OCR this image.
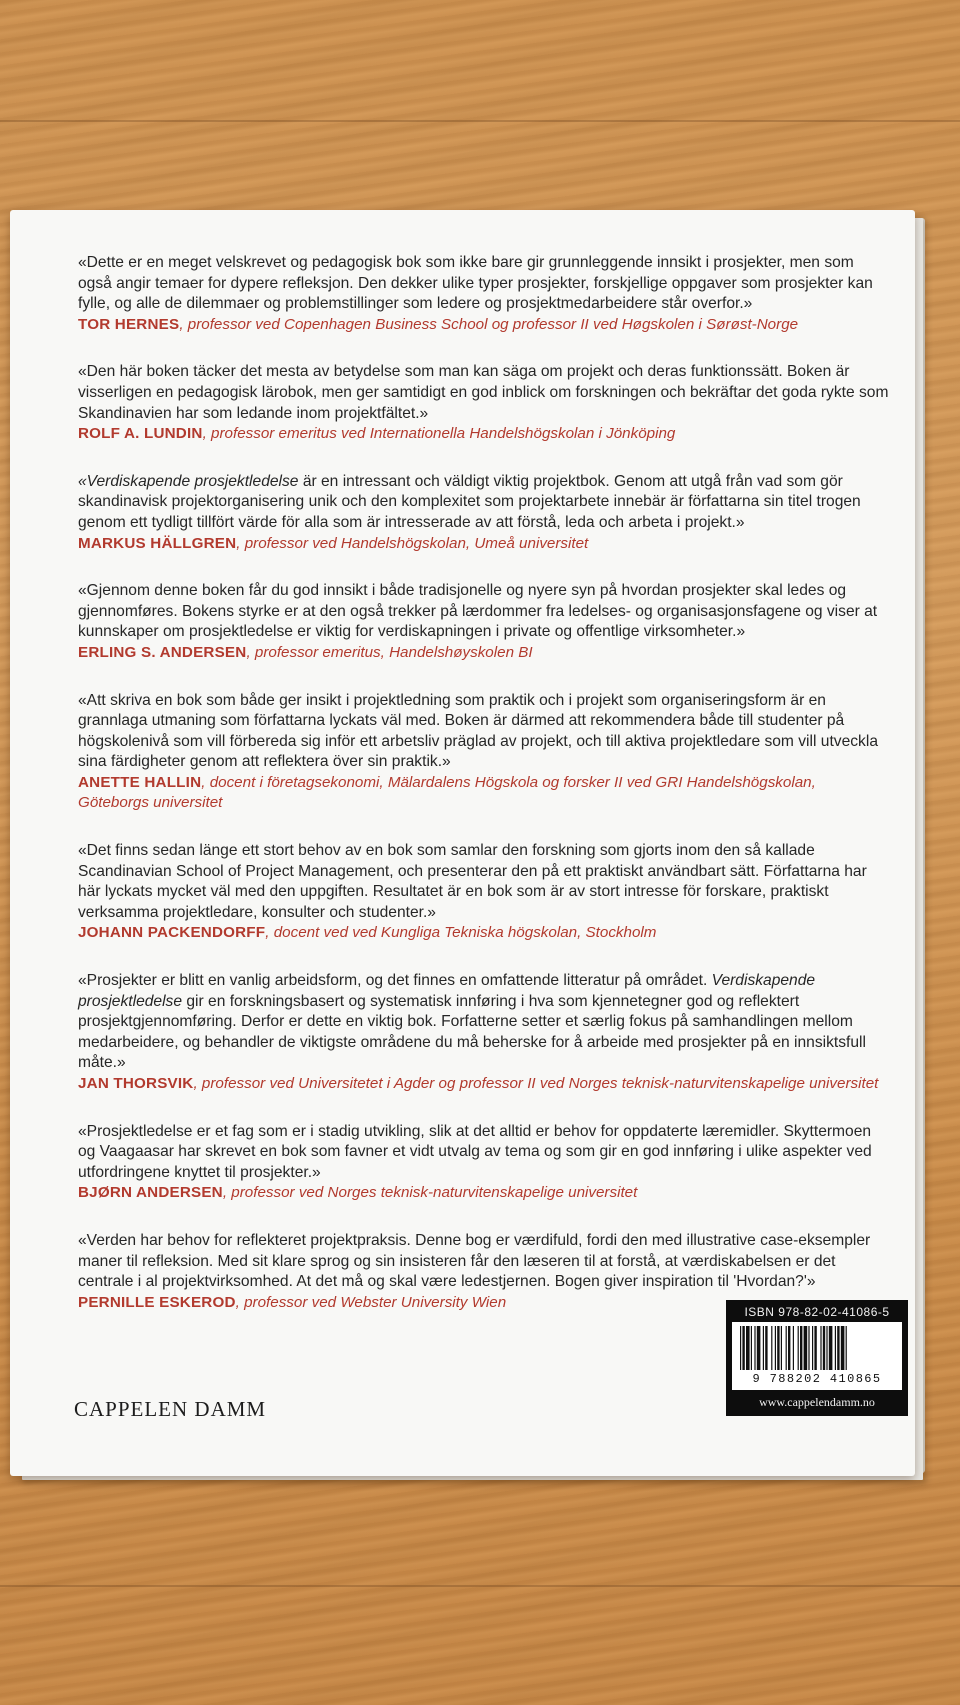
«Dette er en meget velskrevet og pedagogisk bok som ikke bare gir grunnleggende innsikt i prosjekter, men som også angir temaer for dypere refleksjon. Den dekker ulike typer prosjekter, forskjellige oppgaver som prosjekter kan fylle, og alle de dilemmaer og problemstillinger som ledere og prosjektmedarbeidere står overfor.»

TOR HERNES, professor ved Copenhagen Business School og professor II ved Høgskolen i Sørøst-Norge

«Den här boken täcker det mesta av betydelse som man kan säga om projekt och deras funktionssätt. Boken är visserligen en pedagogisk lärobok, men ger samtidigt en god inblick om forskningen och bekräftar det goda rykte som Skandinavien har som ledande inom projektfältet.»

ROLF A. LUNDIN, professor emeritus ved Internationella Handelshögskolan i Jönköping

«Verdiskapende prosjektledelse är en intressant och väldigt viktig projektbok. Genom att utgå från vad som gör skandinavisk projektorganisering unik och den komplexitet som projektarbete innebär är författarna sin titel trogen genom ett tydligt tillfört värde för alla som är intresserade av att förstå, leda och arbeta i projekt.»

MARKUS HÄLLGREN, professor ved Handelshögskolan, Umeå universitet

«Gjennom denne boken får du god innsikt i både tradisjonelle og nyere syn på hvordan prosjekter skal ledes og gjennomføres. Bokens styrke er at den også trekker på lærdommer fra ledelses- og organisasjonsfagene og viser at kunnskaper om prosjektledelse er viktig for verdiskapningen i private og offentlige virksomheter.»

ERLING S. ANDERSEN, professor emeritus, Handelshøyskolen BI

«Att skriva en bok som både ger insikt i projektledning som praktik och i projekt som organiseringsform är en grannlaga utmaning som författarna lyckats väl med. Boken är därmed att rekommendera både till studenter på högskolenivå som vill förbereda sig inför ett arbetsliv präglad av projekt, och till aktiva projektledare som vill utveckla sina färdigheter genom att reflektera över sin praktik.»

ANETTE HALLIN, docent i företagsekonomi, Mälardalens Högskola og forsker II ved GRI Handelshögskolan, Göteborgs universitet

«Det finns sedan länge ett stort behov av en bok som samlar den forskning som gjorts inom den så kallade Scandinavian School of Project Management, och presenterar den på ett praktiskt användbart sätt. Författarna har här lyckats mycket väl med den uppgiften. Resultatet är en bok som är av stort intresse för forskare, praktiskt verksamma projektledare, konsulter och studenter.»

JOHANN PACKENDORFF, docent ved ved Kungliga Tekniska högskolan, Stockholm

«Prosjekter er blitt en vanlig arbeidsform, og det finnes en omfattende litteratur på området. Verdiskapende prosjektledelse gir en forskningsbasert og systematisk innføring i hva som kjennetegner god og reflektert prosjektgjennomføring. Derfor er dette en viktig bok. Forfatterne setter et særlig fokus på samhandlingen mellom medarbeidere, og behandler de viktigste områdene du må beherske for å arbeide med prosjekter på en innsiktsfull måte.»

JAN THORSVIK, professor ved Universitetet i Agder og professor II ved Norges teknisk-naturvitenskapelige universitet

«Prosjektledelse er et fag som er i stadig utvikling, slik at det alltid er behov for oppdaterte læremidler. Skyttermoen og Vaagaasar har skrevet en bok som favner et vidt utvalg av tema og som gir en god innføring i ulike aspekter ved utfordringene knyttet til prosjekter.»

BJØRN ANDERSEN, professor ved Norges teknisk-naturvitenskapelige universitet

«Verden har behov for reflekteret projektpraksis. Denne bog er værdifuld, fordi den med illustrative case-eksempler maner til refleksion. Med sit klare sprog og sin insisteren får den læseren til at forstå, at værdiskabelsen er det centrale i al projektvirksomhed. At det må og skal være ledestjernen. Bogen giver inspiration til 'Hvordan?'»

PERNILLE ESKEROD, professor ved Webster University Wien

CAPPELEN DAMM
ISBN 978-82-02-41086-5
9 788202 410865
www.cappelendamm.no
